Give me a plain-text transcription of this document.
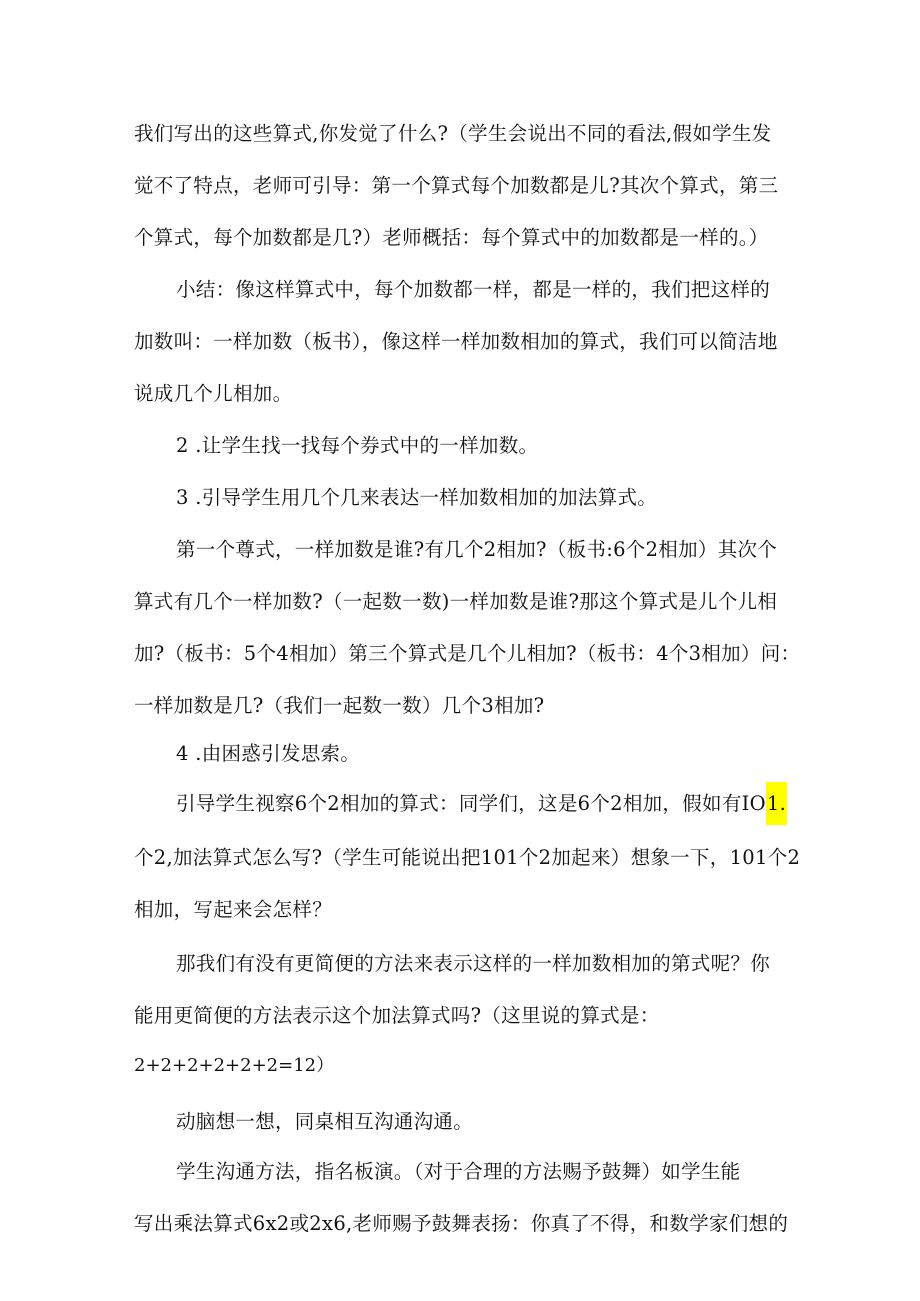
我们写出的这些算式,你发觉了什么?（学生会说出不同的看法,假如学生发
觉不了特点，老师可引导：第一个算式每个加数都是儿?其次个算式，第三
个算式，每个加数都是几?）老师概括：每个算式中的加数都是一样的。）
小结：像这样算式中，每个加数都一样，都是一样的，我们把这样的
加数叫：一样加数（板书），像这样一样加数相加的算式，我们可以简洁地
说成几个儿相加。
2 .让学生找一找每个券式中的一样加数。
3 .引导学生用几个几来表达一样加数相加的加法算式。
第一个尊式，一样加数是谁?有几个2相加?（板书:6个2相加）其次个
算式有几个一样加数?（一起数一数)一样加数是谁?那这个算式是儿个儿相
加?（板书：5个4相加）第三个算式是几个儿相加?（板书：4个3相加）问：
一样加数是几?（我们一起数一数）几个3相加?
4 .由困惑引发思索。
引导学生视察6个2相加的算式：同学们，这是6个2相加，假如有IO1.
个2,加法算式怎么写?（学生可能说出把101个2加起来）想象一下，101个2
相加，写起来会怎样？
那我们有没有更简便的方法来表示这样的一样加数相加的第式呢？你
能用更简便的方法表示这个加法算式吗?（这里说的算式是：
2+2+2+2+2+2=12）
动脑想一想，同桌相互沟通沟通。
学生沟通方法，指名板演。（对于合理的方法赐予鼓舞）如学生能
写出乘法算式6x2或2x6,老师赐予鼓舞表扬：你真了不得，和数学家们想的
